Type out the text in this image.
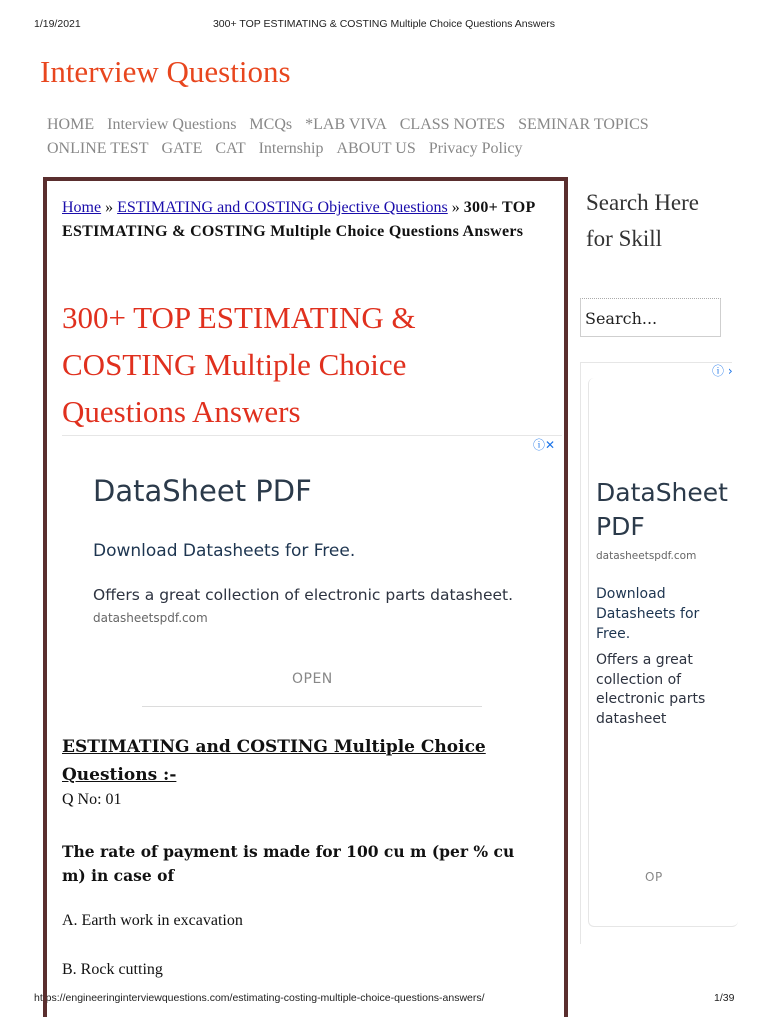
1/19/2021	300+ TOP ESTIMATING & COSTING Multiple Choice Questions Answers
https://engineeringinterviewquestions.com/estimating-costing-multiple-choice-questions-answers/	1/39
Interview Questions
HOME Interview Questions MCQs *LAB VIVA CLASS NOTES SEMINAR TOPICS
ONLINE TEST GATE CAT Internship ABOUT US Privacy Policy
Home » ESTIMATING and COSTING Objective Questions » 300+ TOP ESTIMATING & COSTING Multiple Choice Questions Answers
300+ TOP ESTIMATING & COSTING Multiple Choice Questions Answers
ⓘ✕
DataSheet PDF
Download Datasheets for Free.
Offers a great collection of electronic parts datasheet.
datasheetspdf.com
OPEN
ESTIMATING and COSTING Multiple Choice Questions :-
Q No: 01
The rate of payment is made for 100 cu m (per % cu m) in case of
A. Earth work in excavation
B. Rock cutting
Search Here for Skill
Search...
ⓘ ›
DataSheet PDF
datasheetspdf.com
Download Datasheets for Free.
Offers a great collection of electronic parts datasheet
OP
